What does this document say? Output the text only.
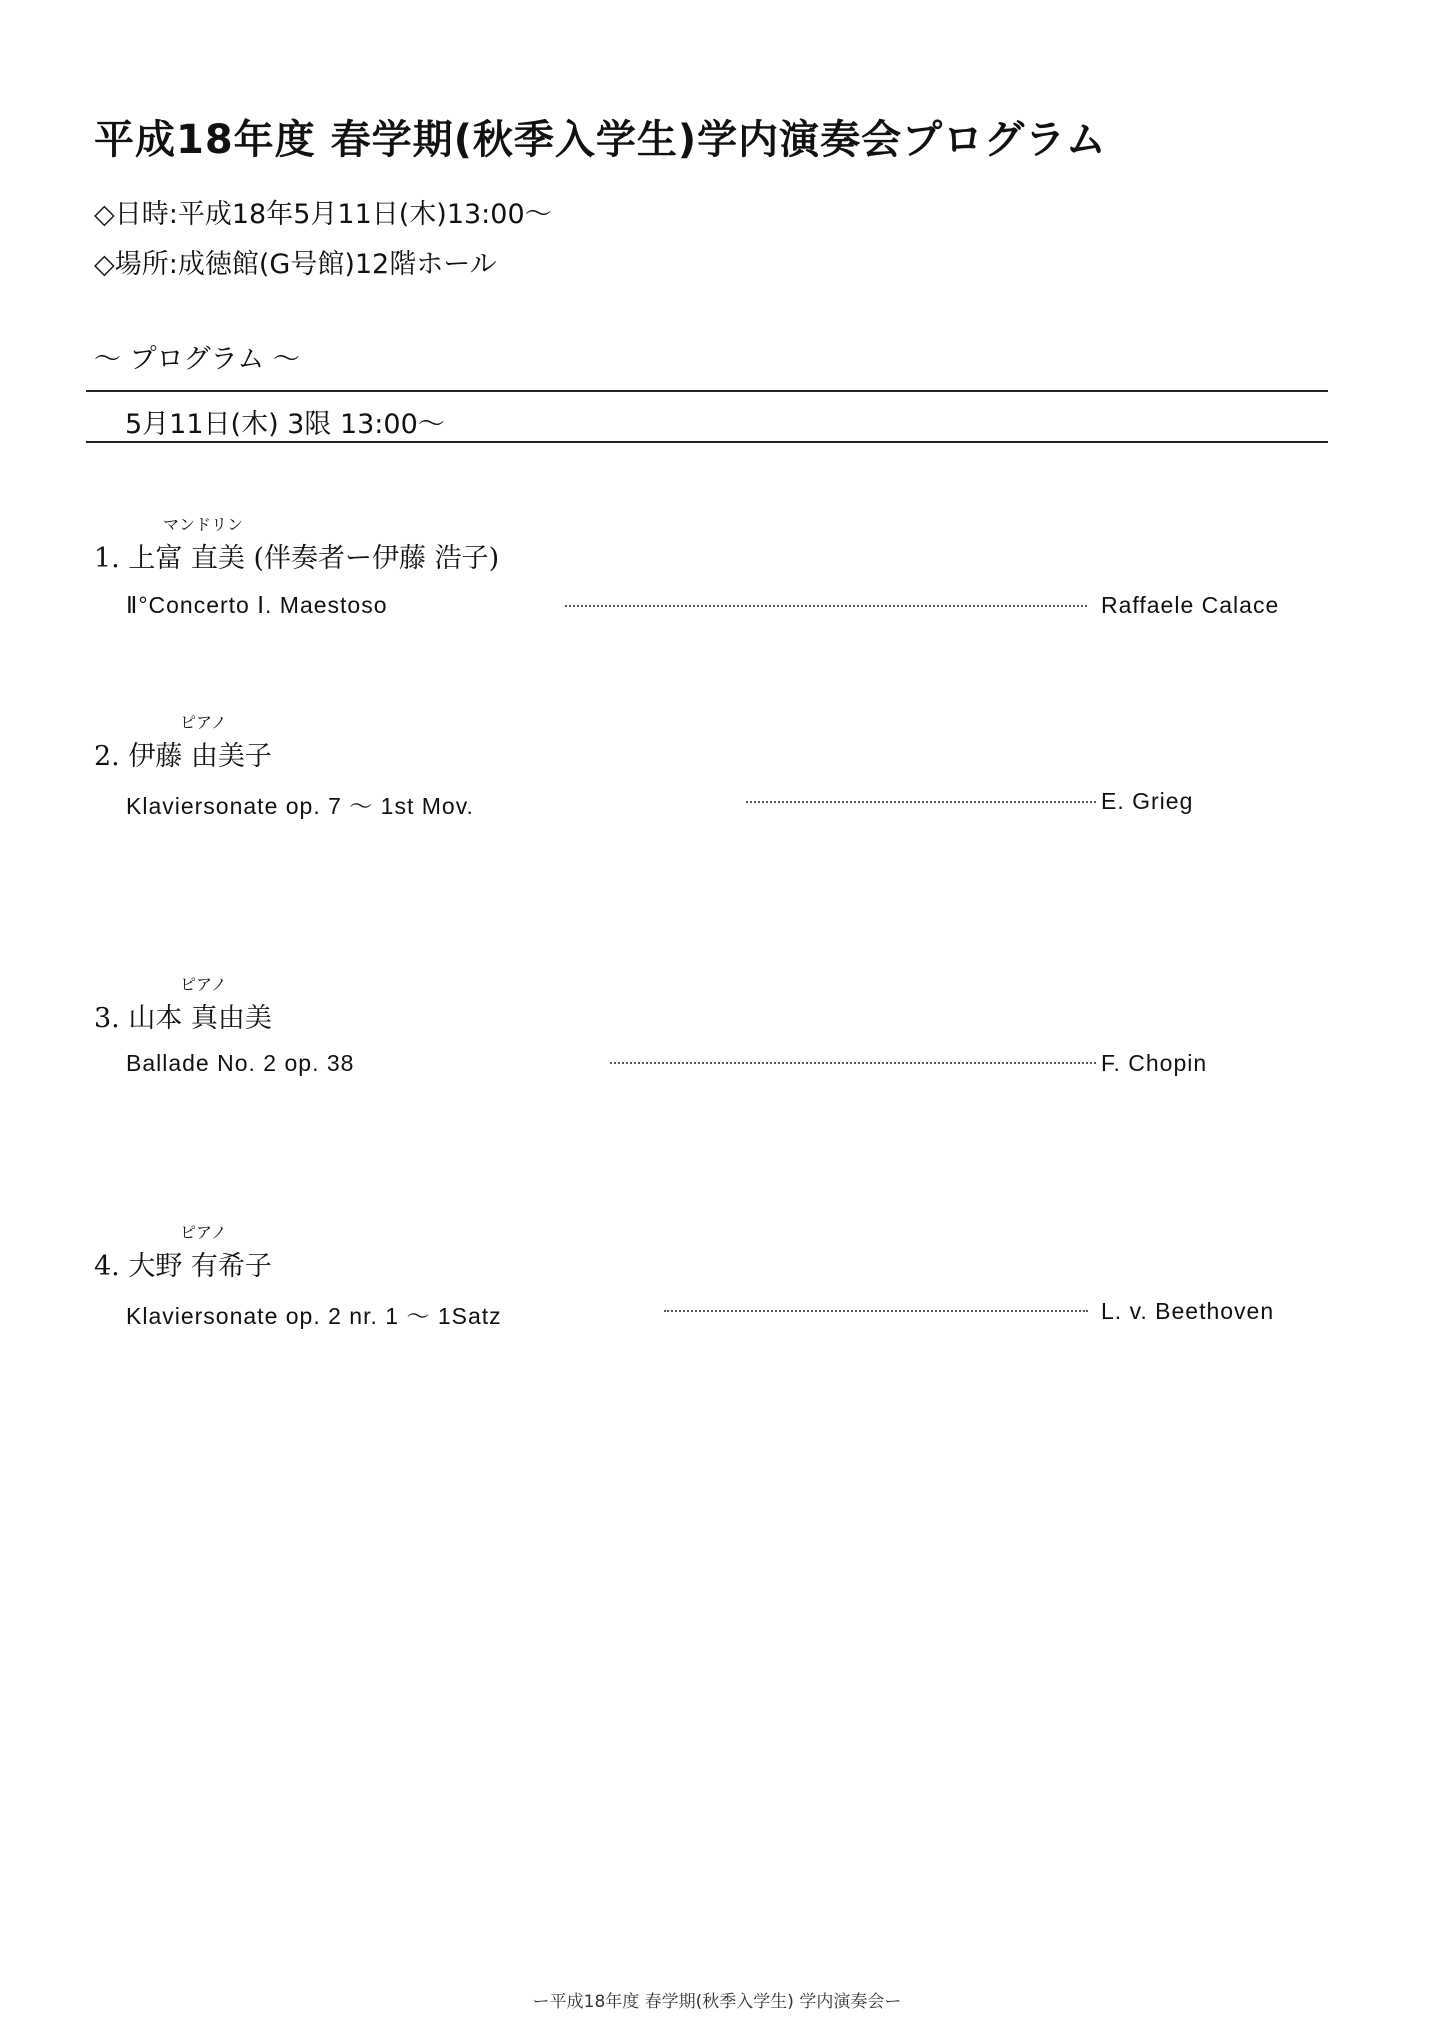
平成18年度 春学期(秋季入学生)学内演奏会プログラム
◇日時:平成18年5月11日(木)13:00〜
◇場所:成徳館(G号館)12階ホール
〜 プログラム 〜
5月11日(木) 3限 13:00〜
マンドリン
1. 上富 直美 (伴奏者ー伊藤 浩子)
Ⅱ°Concerto Ⅰ. Maestoso	Raffaele Calace
ピアノ
2. 伊藤 由美子
Klaviersonate op. 7 〜 1st Mov.	E. Grieg
ピアノ
3. 山本 真由美
Ballade No. 2 op. 38	F. Chopin
ピアノ
4. 大野 有希子
Klaviersonate op. 2 nr. 1 〜 1Satz	L. v. Beethoven
ー平成18年度 春学期(秋季入学生) 学内演奏会ー
